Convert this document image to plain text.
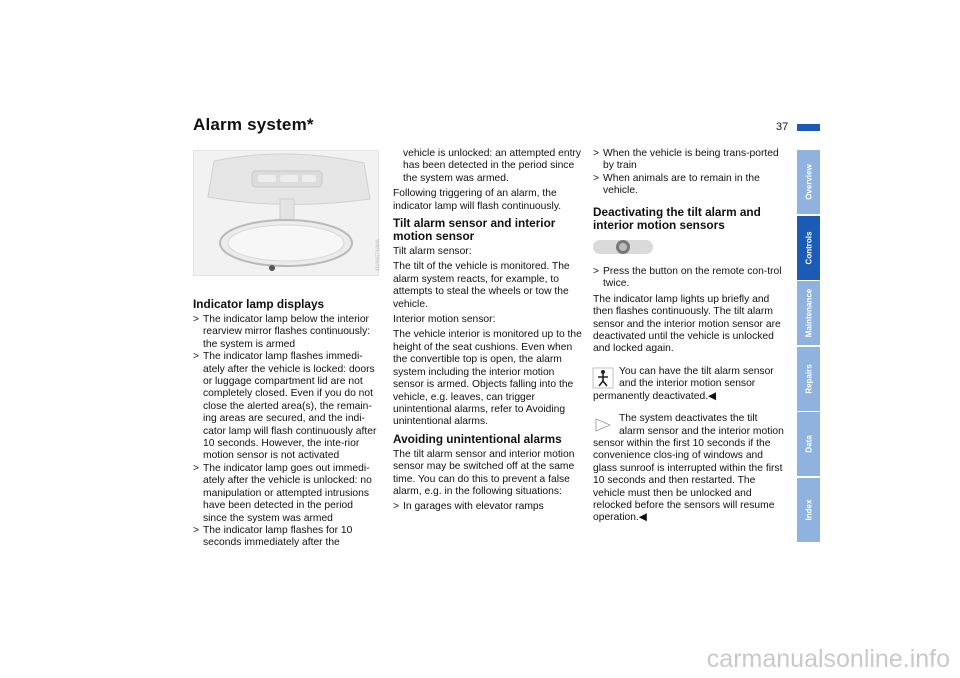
Alarm system*	37
Overview
Controls
Maintenance
Repairs
Data
Index
MV005710MA
Indicator lamp displays
> The indicator lamp below the interior rearview mirror flashes continuously: the system is armed
> The indicator lamp flashes immedi-ately after the vehicle is locked: doors or luggage compartment lid are not completely closed. Even if you do not close the alerted area(s), the remain-ing areas are secured, and the indi-cator lamp will flash continuously after 10 seconds. However, the inte-rior motion sensor is not activated
> The indicator lamp goes out immedi-ately after the vehicle is unlocked: no manipulation or attempted intrusions have been detected in the period since the system was armed
> The indicator lamp flashes for 10 seconds immediately after the

vehicle is unlocked: an attempted entry has been detected in the period since the system was armed.

Following triggering of an alarm, the indicator lamp will flash continuously.

Tilt alarm sensor and interior motion sensor

Tilt alarm sensor:

The tilt of the vehicle is monitored. The alarm system reacts, for example, to attempts to steal the wheels or tow the vehicle.

Interior motion sensor:

The vehicle interior is monitored up to the height of the seat cushions. Even when the convertible top is open, the alarm system including the interior motion sensor is armed. Objects falling into the vehicle, e.g. leaves, can trigger unintentional alarms, refer to Avoiding unintentional alarms.

Avoiding unintentional alarms

The tilt alarm sensor and interior motion sensor may be switched off at the same time. You can do this to prevent a false alarm, e.g. in the following situations:

> In garages with elevator ramps
> When the vehicle is being trans-ported by train
> When animals are to remain in the vehicle.
Deactivating the tilt alarm and interior motion sensors
> Press the button on the remote con-trol twice.

The indicator lamp lights up briefly and then flashes continuously. The tilt alarm sensor and the interior motion sensor are deactivated until the vehicle is unlocked and locked again.

You can have the tilt alarm sensor and the interior motion sensor permanently deactivated.◀

The system deactivates the tilt alarm sensor and the interior motion sensor within the first 10 seconds if the convenience clos-ing of windows and glass sunroof is interrupted within the first 10 seconds and then restarted. The vehicle must then be unlocked and relocked before the sensors will resume operation.◀

carmanualsonline.info
